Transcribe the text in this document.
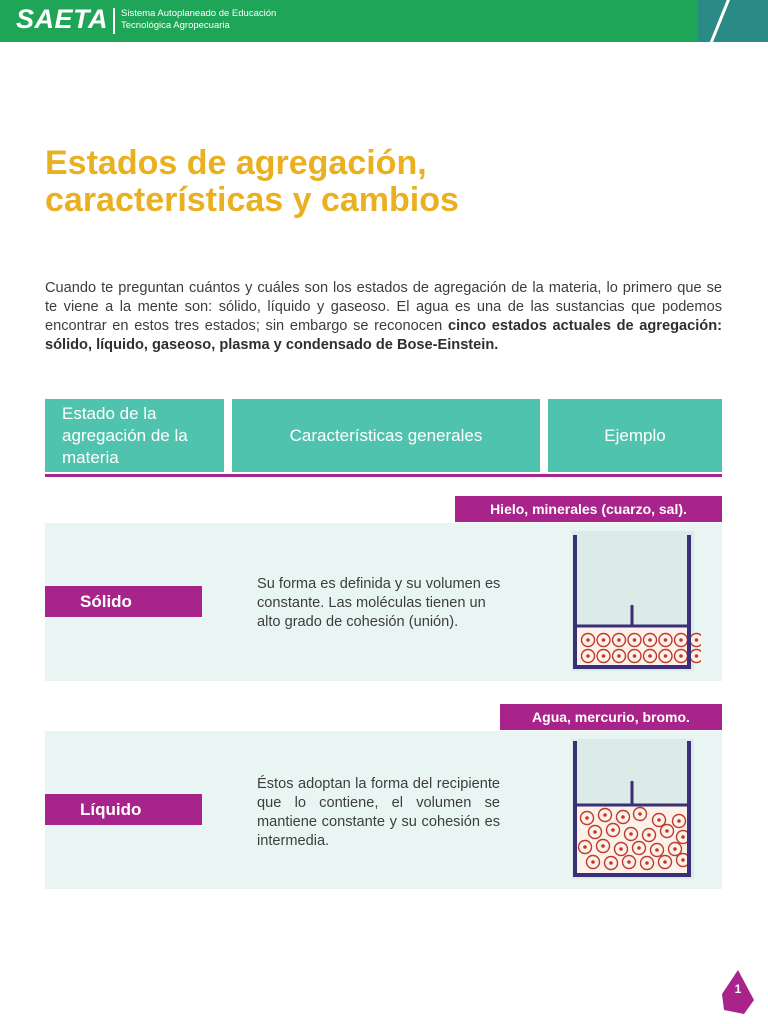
SAETA Sistema Autoplaneado de Educación
Tecnológica Agropecuaria
Estados de agregación,
características y cambios

Cuando te preguntan cuántos y cuáles son los estados de agregación de la materia, lo primero que se te viene a la mente son: sólido, líquido y gaseoso. El agua es una de las sustancias que podemos encontrar en estos tres estados; sin embargo se reconocen cinco estados actuales de agregación: sólido, líquido, gaseoso, plasma y condensado de Bose-Einstein.

Estado de la agregación de la materia
Características generales	Ejemplo
Hielo, minerales (cuarzo, sal).
Sólido

Su forma es definida y su volumen es constante. Las moléculas tienen un alto grado de cohesión (unión).

Agua, mercurio, bromo.
Líquido

Éstos adoptan la forma del recipiente que lo contiene, el volumen se mantiene constante y su cohesión es intermedia.

1
